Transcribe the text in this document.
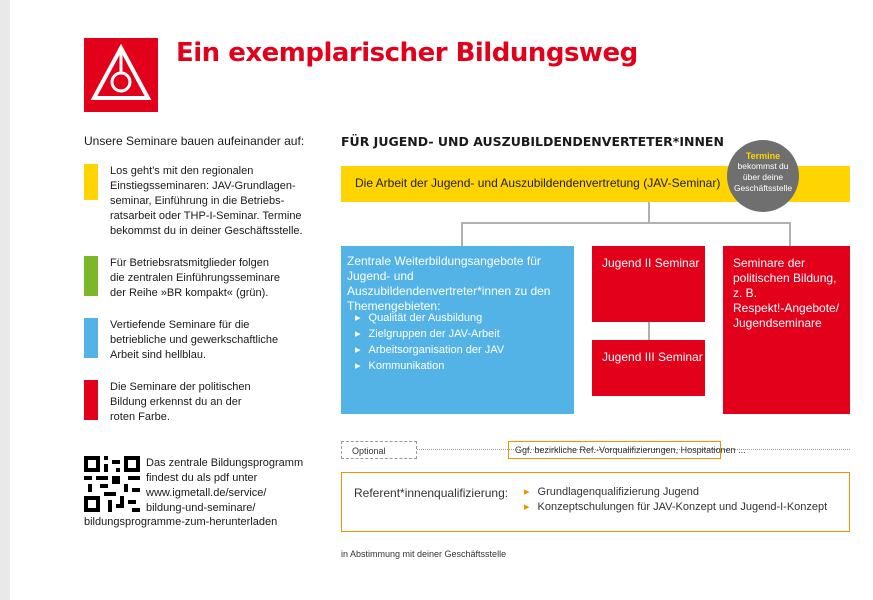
Ein exemplarischer Bildungsweg
Unsere Seminare bauen aufeinander auf:
Los geht's mit den regionalen
Einstiegsseminaren: JAV-Grundlagen-
seminar, Einführung in die Betriebs-
ratsarbeit oder THP-I-Seminar. Termine
bekommst du in deiner Geschäftsstelle.
Für Betriebsratsmitglieder folgen
die zentralen Einführungsseminare
der Reihe »BR kompakt« (grün).
Vertiefende Seminare für die
betriebliche und gewerkschaftliche
Arbeit sind hellblau.
Die Seminare der politischen
Bildung erkennst du an der
roten Farbe.
Das zentrale Bildungsprogramm
findest du als pdf unter
www.igmetall.de/service/
bildung-und-seminare/
bildungsprogramme-zum-herunterladen
FÜR JUGEND- UND AUSZUBILDENDENVERTETER*INNEN
Die Arbeit der Jugend- und Auszubildendenvertretung (JAV-Seminar)
Termine
bekommst du über deine Geschäftsstelle
Zentrale Weiterbildungsangebote für Jugend- und Auszubildendenvertreter*innen zu den Themengebieten:
▸ Qualität der Ausbildung
▸ Zielgruppen der JAV-Arbeit
▸ Arbeitsorganisation der JAV
▸ Kommunikation
Jugend II Seminar
Jugend III Seminar
Seminare der
politischen Bildung,
z. B.
Respekt!-Angebote/
Jugendseminare
Optional	Ggf. bezirkliche Ref.-Vorqualifizierungen, Hospitationen ...
Referent*innenqualifizierung:
▸	Grundlagenqualifizierung Jugend
▸ Konzeptschulungen für JAV-Konzept und Jugend-I-Konzept
in Abstimmung mit deiner Geschäftsstelle
